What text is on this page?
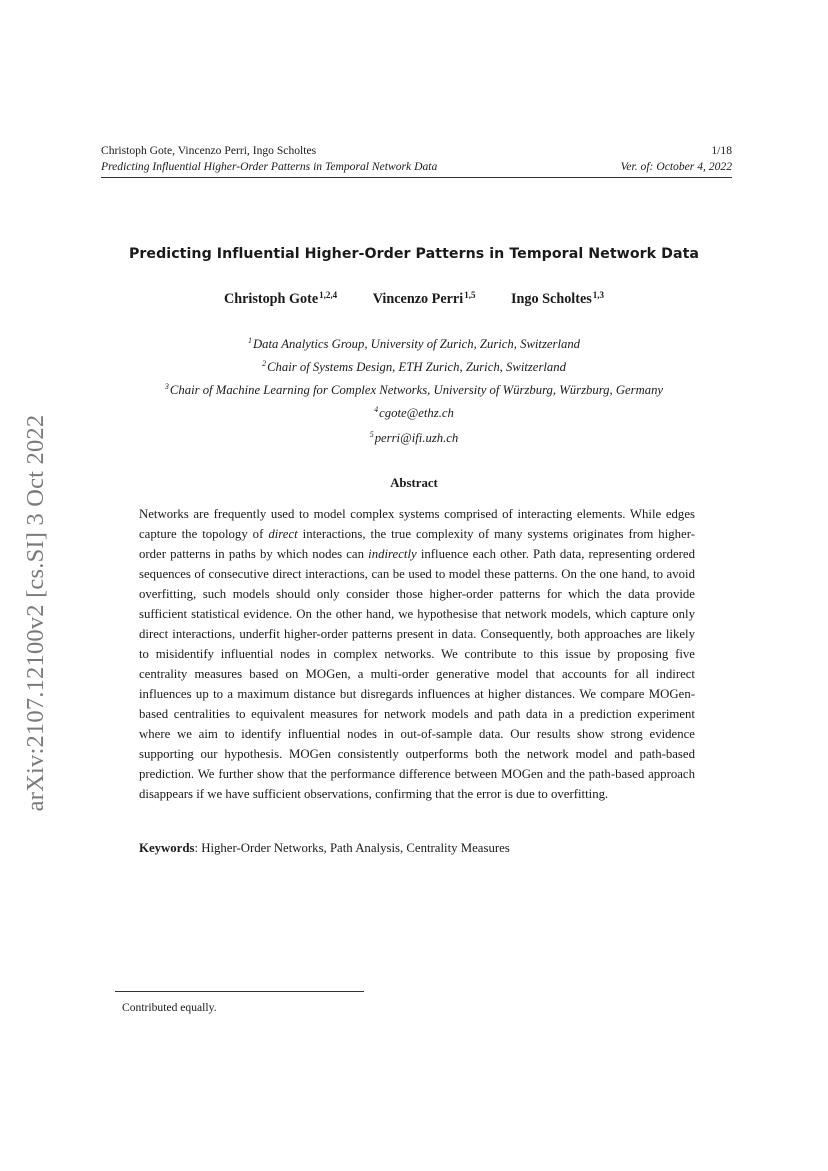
Christoph Gote, Vincenzo Perri, Ingo Scholtes	1/18
Predicting Influential Higher-Order Patterns in Temporal Network Data	Ver. of: October 4, 2022
arXiv:2107.12100v2 [cs.SI] 3 Oct 2022
Predicting Influential Higher-Order Patterns in Temporal Network Data
Christoph Gote$^{1,2,4}$	Vincenzo Perri$^{1,5}$	Ingo Scholtes$^{1,3}$
$^1$Data Analytics Group, University of Zurich, Zurich, Switzerland
$^2$Chair of Systems Design, ETH Zurich, Zurich, Switzerland
$^3$Chair of Machine Learning for Complex Networks, University of Würzburg, Würzburg, Germany
$^4$cgote@ethz.ch
$^5$perri@ifi.uzh.ch
Abstract
Networks are frequently used to model complex systems comprised of interacting elements. While edges capture the topology of direct interactions, the true complexity of many systems originates from higher-order patterns in paths by which nodes can indirectly influence each other. Path data, representing ordered sequences of consecutive direct interactions, can be used to model these patterns. On the one hand, to avoid overfitting, such models should only consider those higher-order patterns for which the data provide sufficient statistical evidence. On the other hand, we hypothesise that network models, which capture only direct interactions, underfit higher-order patterns present in data. Consequently, both approaches are likely to misidentify influential nodes in complex networks. We contribute to this issue by proposing five centrality measures based on MOGen, a multi-order generative model that accounts for all indirect influences up to a maximum distance but disregards influences at higher distances. We compare MOGen-based centralities to equivalent measures for network models and path data in a prediction experiment where we aim to identify influential nodes in out-of-sample data. Our results show strong evidence supporting our hypothesis. MOGen consistently outperforms both the network model and path-based prediction. We further show that the performance difference between MOGen and the path-based approach disappears if we have sufficient observations, confirming that the error is due to overfitting.
Keywords: Higher-Order Networks, Path Analysis, Centrality Measures
Contributed equally.
